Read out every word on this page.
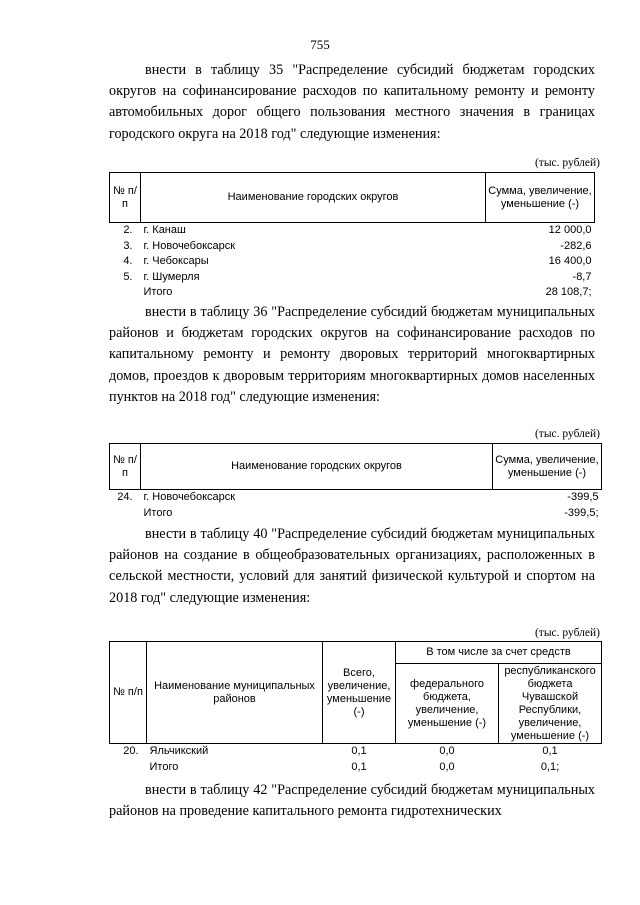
755

внести в таблицу 35 "Распределение субсидий бюджетам городских округов на софинансирование расходов по капитальному ремонту и ремонту автомобильных дорог общего пользования местного значения в границах городского округа на 2018 год" следующие изменения:

(тыс. рублей)
№ п/п	Наименование городских округов	Сумма, увеличение, уменьшение (-)
2.	г. Канаш	12 000,0
3.	г. Новочебоксарск	-282,6
4.	г. Чебоксары	16 400,0
5.	г. Шумерля	-8,7
	Итого	28 108,7;

внести в таблицу 36 "Распределение субсидий бюджетам муниципальных районов и бюджетам городских округов на софинансирование расходов по капитальному ремонту и ремонту дворовых территорий многоквартирных домов, проездов к дворовым территориям многоквартирных домов населенных пунктов на 2018 год" следующие изменения:

(тыс. рублей)
№ п/п	Наименование городских округов	Сумма, увеличение, уменьшение (-)
24.	г. Новочебоксарск	-399,5
	Итого	-399,5;

внести в таблицу 40 "Распределение субсидий бюджетам муниципальных районов на создание в общеобразовательных организациях, расположенных в сельской местности, условий для занятий физической культурой и спортом на 2018 год" следующие изменения:

(тыс. рублей)
№ п/п	Наименование муниципальных районов	Всего, увеличение, уменьшение (-)	В том числе за счет средств	
			федерального бюджета, увеличение, уменьшение (-)	республиканского бюджета Чувашской Республики, увеличение, уменьшение (-)
20.	Яльчикский	0,1	0,0	0,1
	Итого	0,1	0,0	0,1;

внести в таблицу 42 "Распределение субсидий бюджетам муниципальных районов на проведение капитального ремонта гидротехнических
